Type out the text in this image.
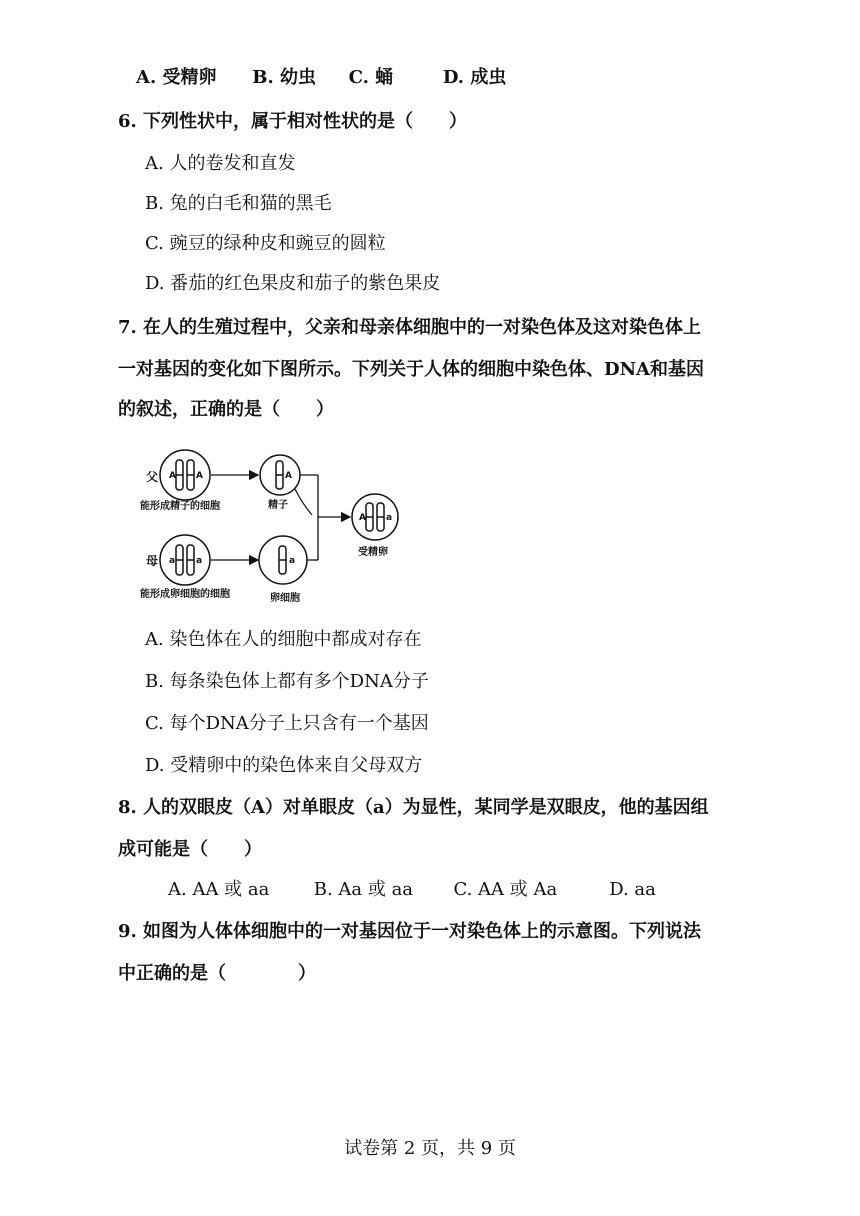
A. 受精卵 B. 幼虫 C. 蛹	D. 成虫
6. 下列性状中，属于相对性状的是（　　）
A. 人的卷发和直发
B. 兔的白毛和猫的黑毛
C. 豌豆的绿种皮和豌豆的圆粒
D. 番茄的红色果皮和茄子的紫色果皮
7. 在人的生殖过程中，父亲和母亲体细胞中的一对染色体及这对染色体上
一对基因的变化如下图所示。下列关于人体的细胞中染色体、DNA和基因
的叙述，正确的是（　　）
父 A A
能形成精子的细胞
A
精子
母 a a
能形成卵细胞的细胞
a
卵细胞
A a
受精卵
A. 染色体在人的细胞中都成对存在
B. 每条染色体上都有多个DNA分子
C. 每个DNA分子上只含有一个基因
D. 受精卵中的染色体来自父母双方
8. 人的双眼皮（A）对单眼皮（a）为显性，某同学是双眼皮，他的基因组
成可能是（　　）
A. AA 或 aa B. Aa 或 aa C. AA 或 Aa	D. aa
9. 如图为人体体细胞中的一对基因位于一对染色体上的示意图。下列说法
中正确的是（　　　　）
试卷第 2 页，共 9 页
